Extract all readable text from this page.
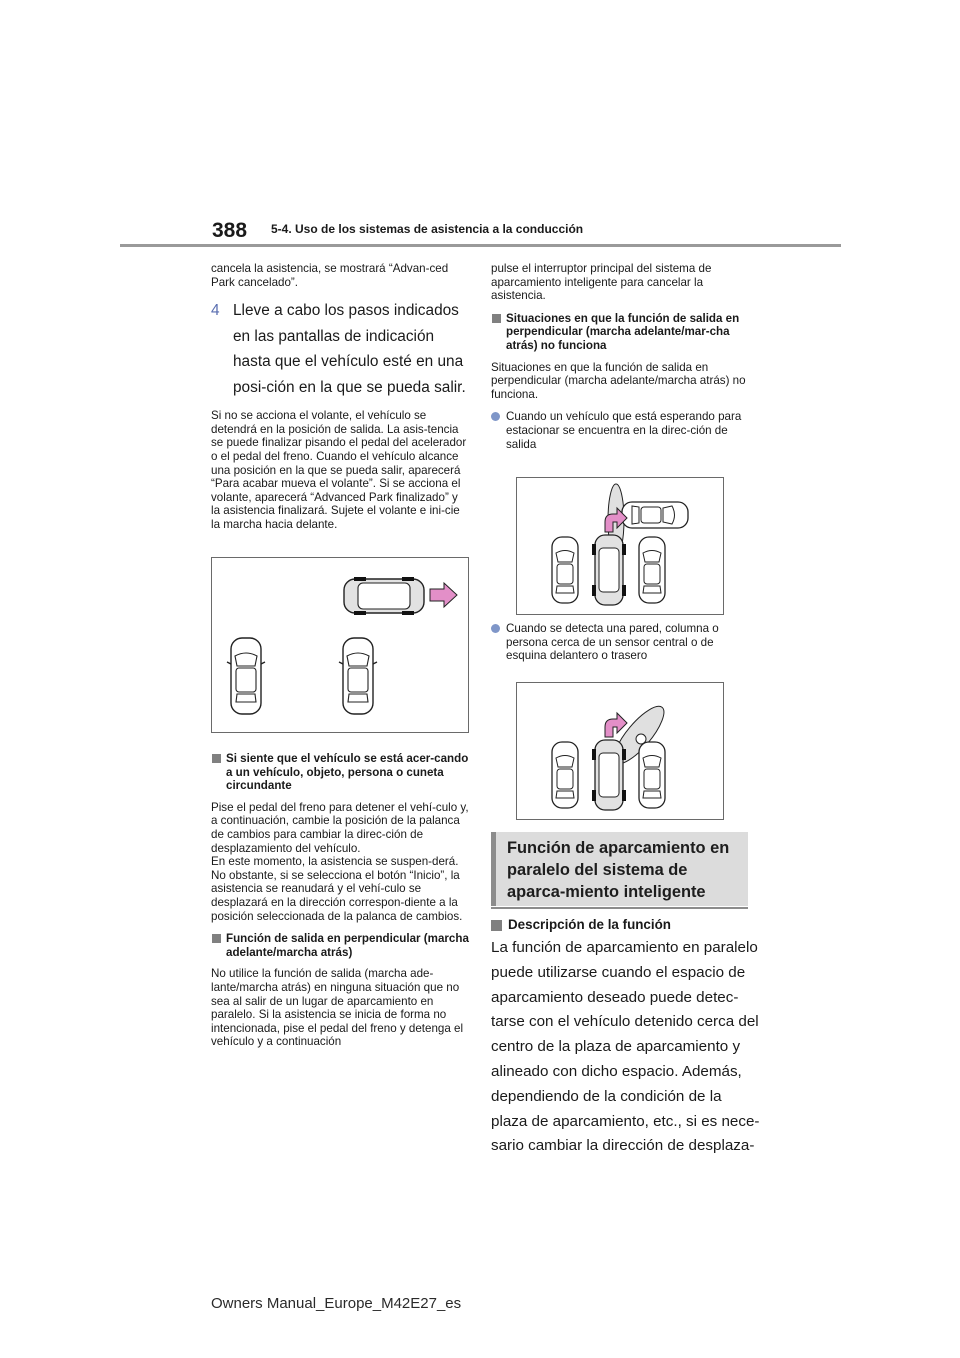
388 5-4. Uso de los sistemas de asistencia a la conducción

cancela la asistencia, se mostrará “Advan-ced Park cancelado”.

4 Lleve a cabo los pasos indicados en las pantallas de indicación hasta que el vehículo esté en una posi-ción en la que se pueda salir.

Si no se acciona el volante, el vehículo se detendrá en la posición de salida. La asis-tencia se puede finalizar pisando el pedal del acelerador o el pedal del freno. Cuando el vehículo alcance una posición en la que se pueda salir, aparecerá “Para acabar mueva el volante”. Si se acciona el volante, aparecerá “Advanced Park finalizado” y la asistencia finalizará. Sujete el volante e ini-cie la marcha hacia delante.

Si siente que el vehículo se está acer-cando a un vehículo, objeto, persona o cuneta circundante

Pise el pedal del freno para detener el vehí-culo y, a continuación, cambie la posición de la palanca de cambios para cambiar la direc-ción de desplazamiento del vehículo.

En este momento, la asistencia se suspen-derá. No obstante, si se selecciona el botón “Inicio”, la asistencia se reanudará y el vehí-culo se desplazará en la dirección correspon-diente a la posición seleccionada de la palanca de cambios.

Función de salida en perpendicular (marcha adelante/marcha atrás)

No utilice la función de salida (marcha ade-lante/marcha atrás) en ninguna situación que no sea al salir de un lugar de aparcamiento en paralelo. Si la asistencia se inicia de forma no intencionada, pise el pedal del freno y detenga el vehículo y a continuación

pulse el interruptor principal del sistema de aparcamiento inteligente para cancelar la asistencia.

Situaciones en que la función de salida en perpendicular (marcha adelante/mar-cha atrás) no funciona

Situaciones en que la función de salida en perpendicular (marcha adelante/marcha atrás) no funciona.

Cuando un vehículo que está esperando para estacionar se encuentra en la direc-ción de salida
Cuando se detecta una pared, columna o persona cerca de un sensor central o de esquina delantero o trasero
Función de aparcamiento en paralelo del sistema de aparca-miento inteligente
Descripción de la función
La función de aparcamiento en paralelo puede utilizarse cuando el espacio de aparcamiento deseado puede detec-tarse con el vehículo detenido cerca del centro de la plaza de aparcamiento y alineado con dicho espacio. Además, dependiendo de la condición de la plaza de aparcamiento, etc., si es nece-sario cambiar la dirección de desplaza-
Owners Manual_Europe_M42E27_es
